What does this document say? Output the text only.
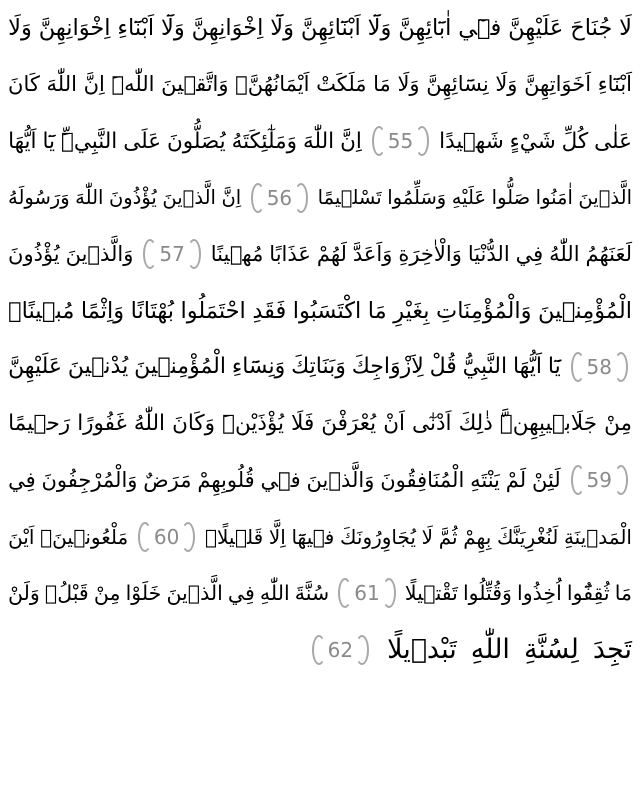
لَا
جُنَاحَ
عَلَيْهِنَّ
فٖٓي
اٰبَٓائِهِنَّ
وَلَٓا
اَبْنَٓائِهِنَّ
وَلَٓا
اِخْوَانِهِنَّ
وَلَٓا
اَبْنَٓاءِ
اِخْوَانِهِنَّ
وَلَا
اَبْنَٓاءِ
اَخَوَاتِهِنَّ
وَلَا
نِسَٓائِهِنَّ
وَلَا
مَا
مَلَكَتْ
اَيْمَانُهُنَّۚ
وَاتَّقٖينَ
اللّٰهَۜ
اِنَّ
اللّٰهَ
كَانَ
عَلٰى
كُلِّ
شَيْءٍ
شَهٖيدًا
55
اِنَّ
اللّٰهَ
وَمَلٰٓئِكَتَهُ
يُصَلُّونَ
عَلَى
النَّبِيِّۜ
يَٓا
اَيُّهَا
الَّذٖينَ
اٰمَنُوا
صَلُّوا
عَلَيْهِ
وَسَلِّمُوا
تَسْلٖيمًا
56
اِنَّ
الَّذٖينَ
يُؤْذُونَ
اللّٰهَ
وَرَسُولَهُ
لَعَنَهُمُ
اللّٰهُ
فِي
الدُّنْيَا
وَالْاٰخِرَةِ
وَاَعَدَّ
لَهُمْ
عَذَابًا
مُهٖينًا
57
وَالَّذٖينَ
يُؤْذُونَ
الْمُؤْمِنٖينَ
وَالْمُؤْمِنَاتِ
بِغَيْرِ
مَا
اكْتَسَبُوا
فَقَدِ
احْتَمَلُوا
بُهْتَانًا
وَاِثْمًا
مُبٖينًا۟
58
يَٓا
اَيُّهَا
النَّبِيُّ
قُلْ
لِاَزْوَاجِكَ
وَبَنَاتِكَ
وَنِسَٓاءِ
الْمُؤْمِنٖينَ
يُدْنٖينَ
عَلَيْهِنَّ
مِنْ
جَلَابٖيبِهِنَّۜ
ذٰلِكَ
اَدْنٰٓى
اَنْ
يُعْرَفْنَ
فَلَا
يُؤْذَيْنَۜ
وَكَانَ
اللّٰهُ
غَفُورًا
رَحٖيمًا
59
لَئِنْ
لَمْ
يَنْتَهِ
الْمُنَافِقُونَ
وَالَّذٖينَ
فٖي
قُلُوبِهِمْ
مَرَضٌ
وَالْمُرْجِفُونَ
فِي
الْمَدٖينَةِ
لَنُغْرِيَنَّكَ
بِهِمْ
ثُمَّ
لَا
يُجَاوِرُونَكَ
فٖيهَٓا
اِلَّا
قَلٖيلًاۚ
60
مَلْعُونٖينَۚ
اَيْنَ
مَا
ثُقِفُٓوا
اُخِذُوا
وَقُتِّلُوا
تَقْتٖيلًا
61
سُنَّةَ
اللّٰهِ
فِي
الَّذٖينَ
خَلَوْا
مِنْ
قَبْلُۚ
وَلَنْ
تَجِدَ
لِسُنَّةِ
اللّٰهِ
تَبْدٖيلًا
62
